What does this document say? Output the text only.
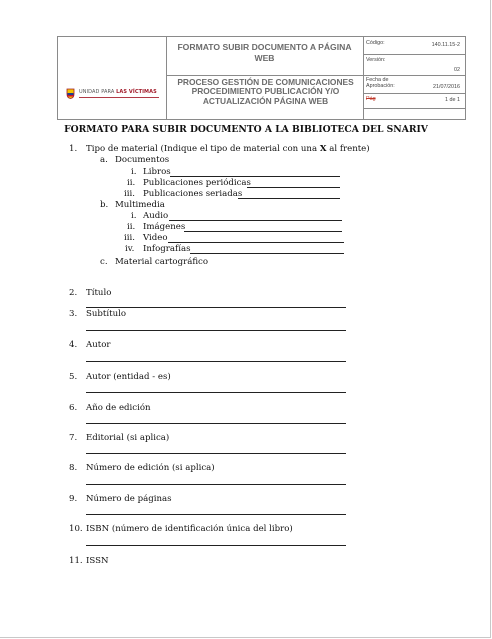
UNIDAD PARA LAS VÍCTIMAS
FORMATO SUBIR DOCUMENTO A PÁGINA WEB
PROCESO GESTIÓN DE COMUNICACIONES
PROCEDIMIENTO PUBLICACIÓN Y/O
ACTUALIZACIÓN PÁGINA WEB
Código:	140.11.15-2
Versión:
02
Fecha de
Aprobación:	21/07/2016
Pág	1 de 1
FORMATO PARA SUBIR DOCUMENTO A LA BIBLIOTECA DEL SNARIV
1. Tipo de material (Indique el tipo de material con una X al frente)
a. Documentos
i. Libros
ii. Publicaciones periódicas
iii. Publicaciones seriadas
b. Multimedia
i. Audio
ii. Imágenes
iii. Video
iv. Infografías
c. Material cartográfico
2. Título
3. Subtítulo
4. Autor
5. Autor (entidad - es)
6. Año de edición
7. Editorial (si aplica)
8. Número de edición (si aplica)
9. Número de páginas
10. ISBN (número de identificación única del libro)
11. ISSN
